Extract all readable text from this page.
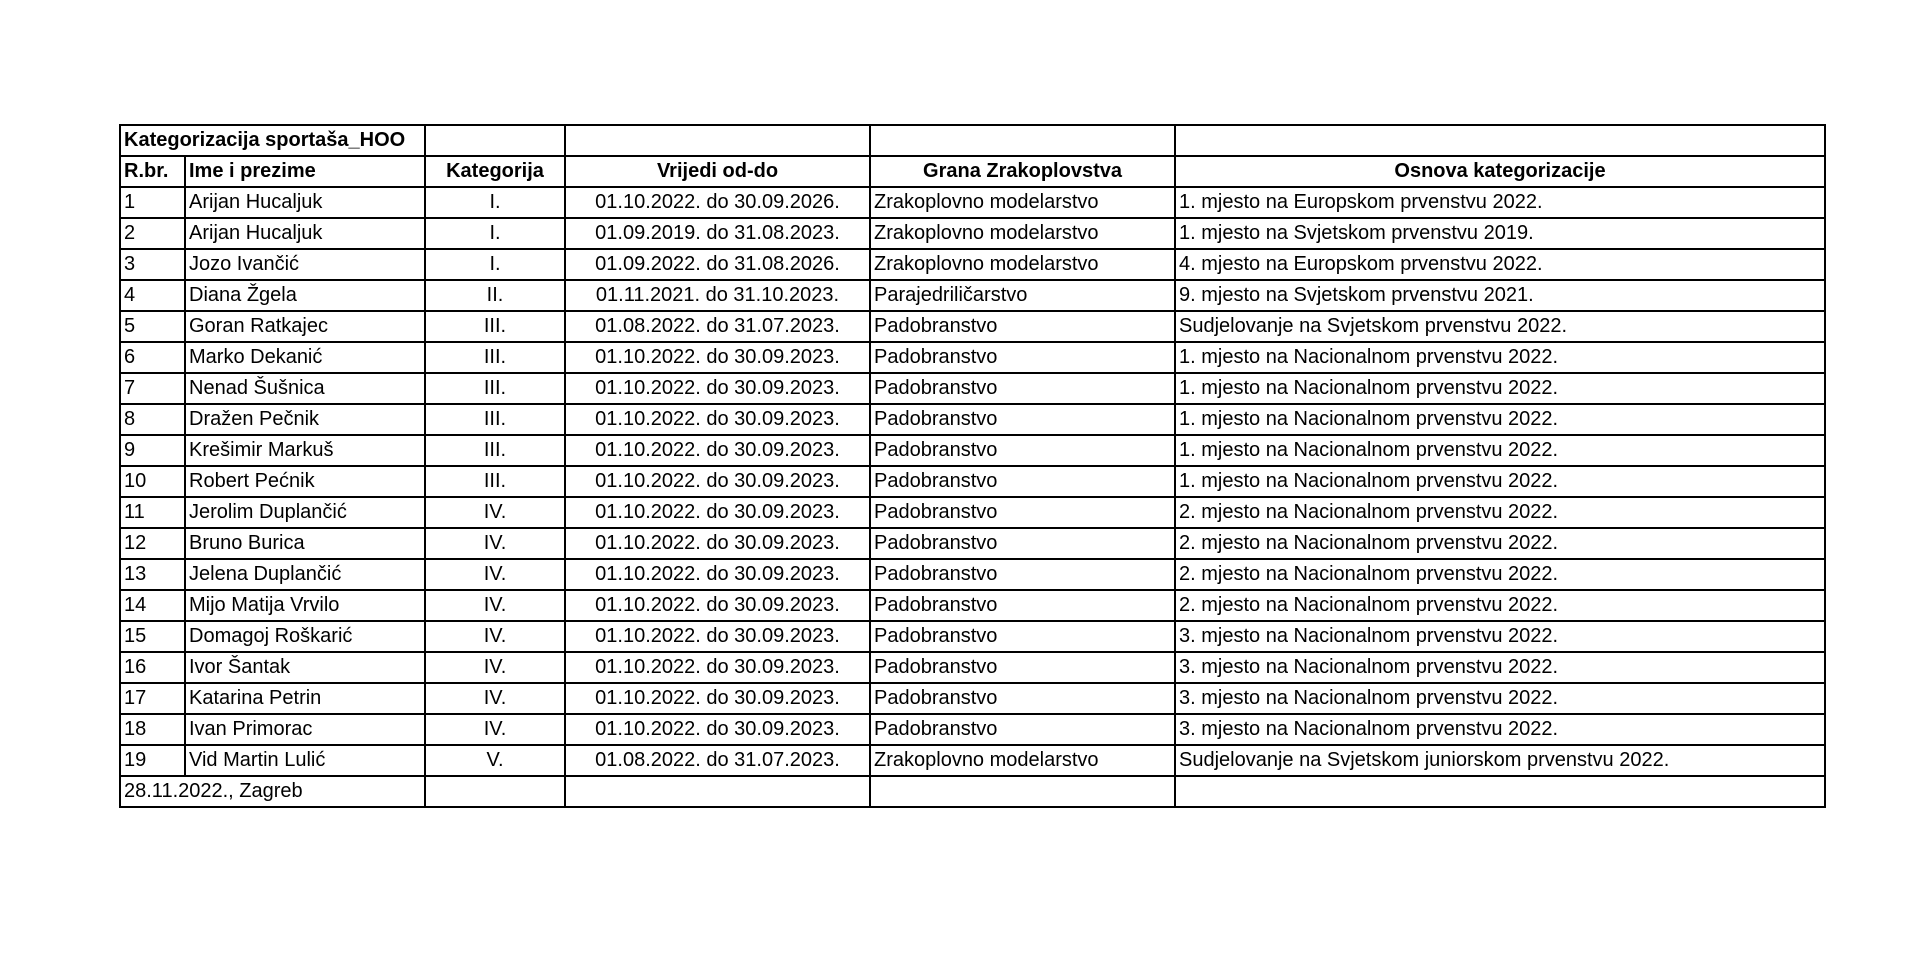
Kategorizacija sportaša_HOO					
R.br.	Ime i prezime	Kategorija	Vrijedi od-do	Grana Zrakoplovstva	Osnova kategorizacije
1	Arijan Hucaljuk	I.	01.10.2022. do 30.09.2026.	Zrakoplovno modelarstvo	1. mjesto na Europskom prvenstvu 2022.
2	Arijan Hucaljuk	I.	01.09.2019. do 31.08.2023.	Zrakoplovno modelarstvo	1. mjesto na Svjetskom prvenstvu 2019.
3	Jozo Ivančić	I.	01.09.2022. do 31.08.2026.	Zrakoplovno modelarstvo	4. mjesto na Europskom prvenstvu 2022.
4	Diana Žgela	II.	01.11.2021. do 31.10.2023.	Parajedriličarstvo	9. mjesto na Svjetskom prvenstvu 2021.
5	Goran Ratkajec	III.	01.08.2022. do 31.07.2023.	Padobranstvo	Sudjelovanje na Svjetskom prvenstvu 2022.
6	Marko Dekanić	III.	01.10.2022. do 30.09.2023.	Padobranstvo	1. mjesto na Nacionalnom prvenstvu 2022.
7	Nenad Šušnica	III.	01.10.2022. do 30.09.2023.	Padobranstvo	1. mjesto na Nacionalnom prvenstvu 2022.
8	Dražen Pečnik	III.	01.10.2022. do 30.09.2023.	Padobranstvo	1. mjesto na Nacionalnom prvenstvu 2022.
9	Krešimir Markuš	III.	01.10.2022. do 30.09.2023.	Padobranstvo	1. mjesto na Nacionalnom prvenstvu 2022.
10	Robert Pećnik	III.	01.10.2022. do 30.09.2023.	Padobranstvo	1. mjesto na Nacionalnom prvenstvu 2022.
11	Jerolim Duplančić	IV.	01.10.2022. do 30.09.2023.	Padobranstvo	2. mjesto na Nacionalnom prvenstvu 2022.
12	Bruno Burica	IV.	01.10.2022. do 30.09.2023.	Padobranstvo	2. mjesto na Nacionalnom prvenstvu 2022.
13	Jelena Duplančić	IV.	01.10.2022. do 30.09.2023.	Padobranstvo	2. mjesto na Nacionalnom prvenstvu 2022.
14	Mijo Matija Vrvilo	IV.	01.10.2022. do 30.09.2023.	Padobranstvo	2. mjesto na Nacionalnom prvenstvu 2022.
15	Domagoj Roškarić	IV.	01.10.2022. do 30.09.2023.	Padobranstvo	3. mjesto na Nacionalnom prvenstvu 2022.
16	Ivor Šantak	IV.	01.10.2022. do 30.09.2023.	Padobranstvo	3. mjesto na Nacionalnom prvenstvu 2022.
17	Katarina Petrin	IV.	01.10.2022. do 30.09.2023.	Padobranstvo	3. mjesto na Nacionalnom prvenstvu 2022.
18	Ivan Primorac	IV.	01.10.2022. do 30.09.2023.	Padobranstvo	3. mjesto na Nacionalnom prvenstvu 2022.
19	Vid Martin Lulić	V.	01.08.2022. do 31.07.2023.	Zrakoplovno modelarstvo	Sudjelovanje na Svjetskom juniorskom prvenstvu 2022.
28.11.2022., Zagreb					
